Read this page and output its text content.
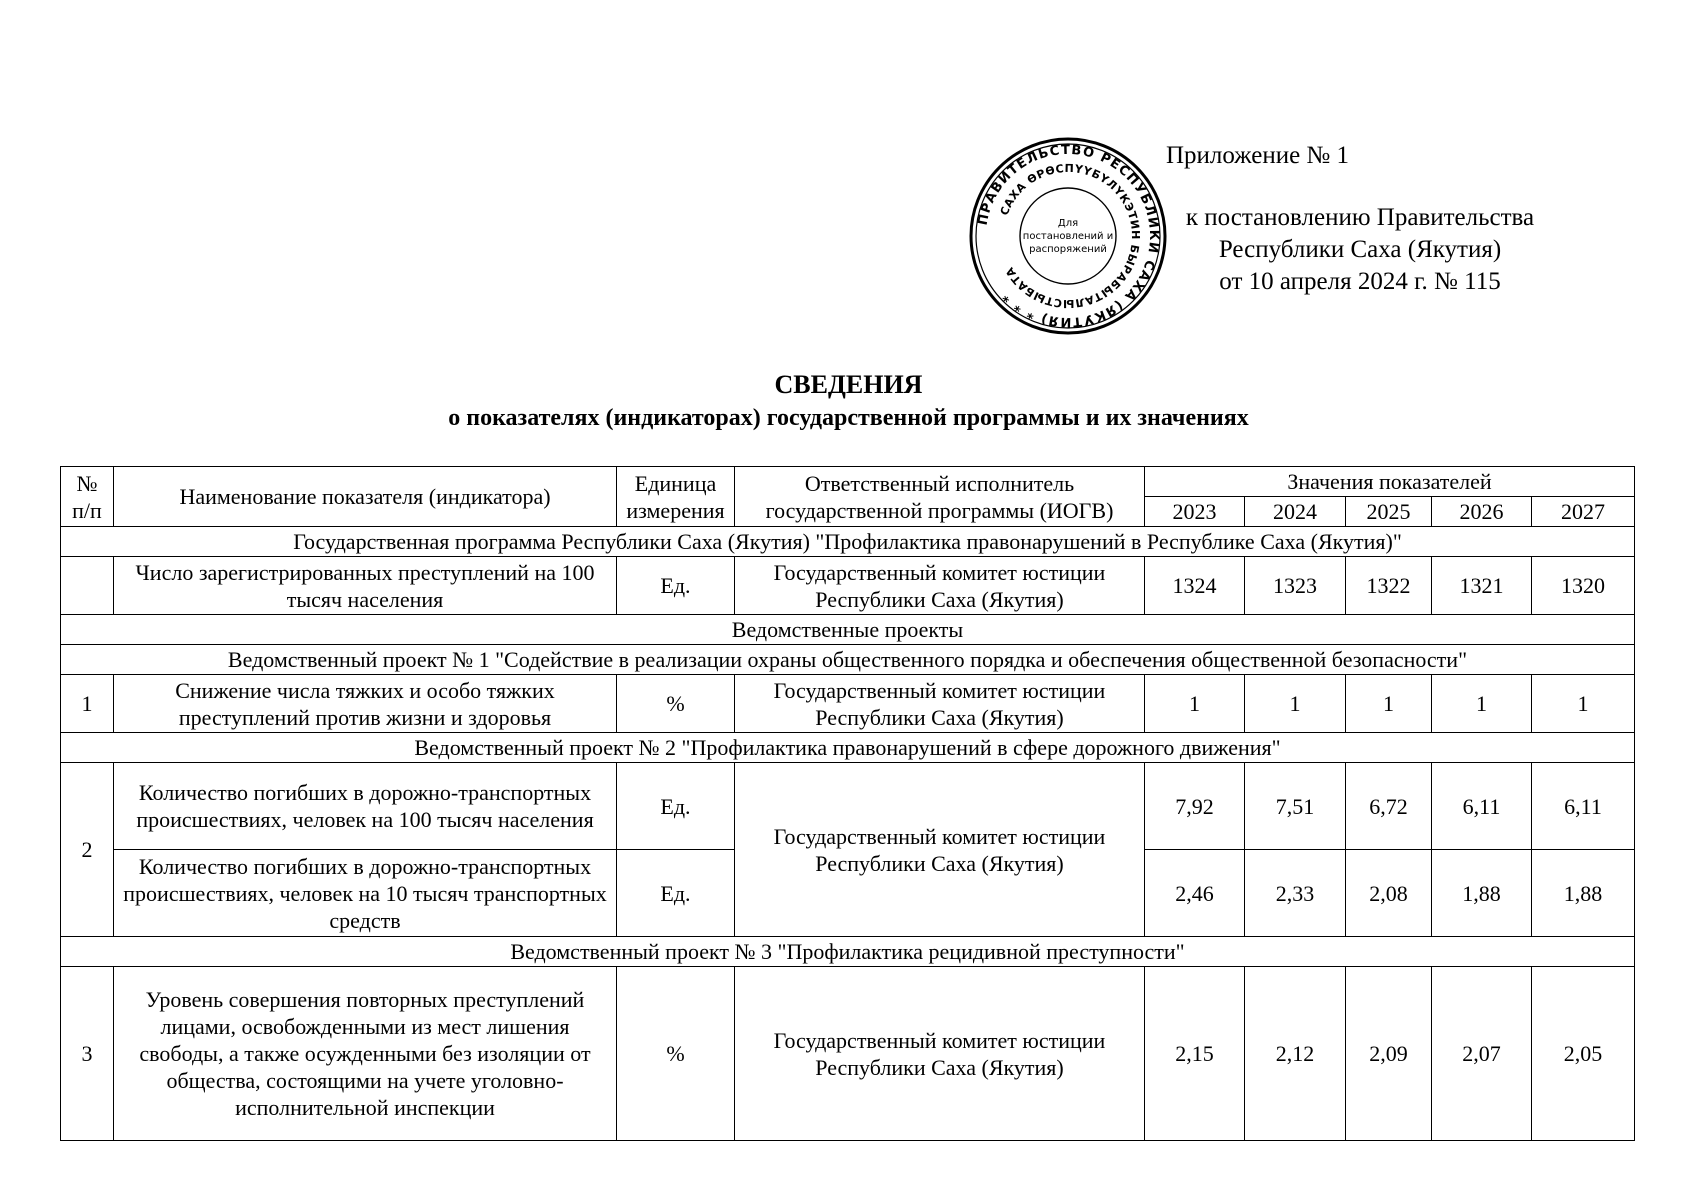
Приложение № 1
к постановлению Правительства
Республики Саха (Якутия)
от 10 апреля 2024 г. № 115
ПРАВИТЕЛЬСТВО РЕСПУБЛИКИ САХА (ЯКУТИЯ) * * *
САХА ӨРӨСПҮҮБҮЛҮКЭТИН БЫРАБЫТАЛЫСТЫБАТА
Для
постановлений и
распоряжений
СВЕДЕНИЯ
о показателях (индикаторах) государственной программы и их значениях
№ п/п	Наименование показателя (индикатора)	Единица измерения	Ответственный исполнитель государственной программы (ИОГВ)	Значения показателей				
				2023	2024	2025	2026	2027
Государственная программа Республики Саха (Якутия) "Профилактика правонарушений в Республике Саха (Якутия)"								
	Число зарегистрированных преступлений на 100 тысяч населения	Ед.	Государственный комитет юстиции Республики Саха (Якутия)	1324	1323	1322	1321	1320
Ведомственные проекты								
Ведомственный проект № 1 "Содействие в реализации охраны общественного порядка и обеспечения общественной безопасности"								
1	Снижение числа тяжких и особо тяжких преступлений против жизни и здоровья	%	Государственный комитет юстиции Республики Саха (Якутия)	1	1	1	1	1
Ведомственный проект № 2 "Профилактика правонарушений в сфере дорожного движения"								
2	Количество погибших в дорожно-транспортных происшествиях, человек на 100 тысяч населения	Ед.	Государственный комитет юстиции Республики Саха (Якутия)	7,92	7,51	6,72	6,11	6,11
	Количество погибших в дорожно-транспортных происшествиях, человек на 10 тысяч транспортных средств	Ед.		2,46	2,33	2,08	1,88	1,88
Ведомственный проект № 3 "Профилактика рецидивной преступности"								
3	Уровень совершения повторных преступлений лицами, освобожденными из мест лишения свободы, а также осужденными без изоляции от общества, состоящими на учете уголовно-исполнительной инспекции	%	Государственный комитет юстиции Республики Саха (Якутия)	2,15	2,12	2,09	2,07	2,05
